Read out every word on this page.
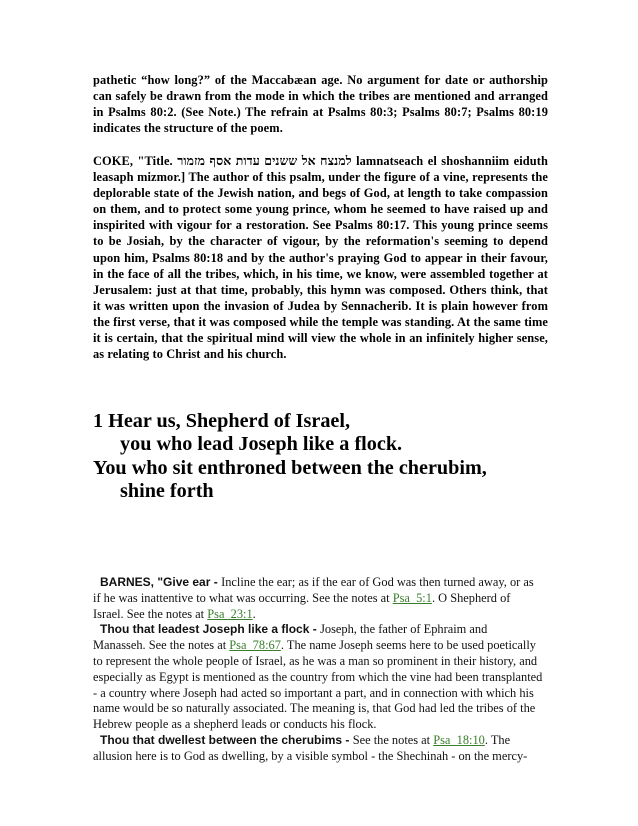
pathetic “how long?” of the Maccabæan age. No argument for date or authorship can safely be drawn from the mode in which the tribes are mentioned and arranged in Psalms 80:2. (See Note.) The refrain at Psalms 80:3; Psalms 80:7; Psalms 80:19 indicates the structure of the poem.
COKE, "Title. למנצח אל ששנים עדות אסף מזמור lamnatseach el shoshanniim eiduth leasaph mizmor.] The author of this psalm, under the figure of a vine, represents the deplorable state of the Jewish nation, and begs of God, at length to take compassion on them, and to protect some young prince, whom he seemed to have raised up and inspirited with vigour for a restoration. See Psalms 80:17. This young prince seems to be Josiah, by the character of vigour, by the reformation's seeming to depend upon him, Psalms 80:18 and by the author's praying God to appear in their favour, in the face of all the tribes, which, in his time, we know, were assembled together at Jerusalem: just at that time, probably, this hymn was composed. Others think, that it was written upon the invasion of Judea by Sennacherib. It is plain however from the first verse, that it was composed while the temple was standing. At the same time it is certain, that the spiritual mind will view the whole in an infinitely higher sense, as relating to Christ and his church.
1 Hear us, Shepherd of Israel,
you who lead Joseph like a flock.
You who sit enthroned between the cherubim,
shine forth

BARNES, "Give ear - Incline the ear; as if the ear of God was then turned away, or as if he was inattentive to what was occurring. See the notes at Psa_5:1. O Shepherd of Israel. See the notes at Psa_23:1.

Thou that leadest Joseph like a flock - Joseph, the father of Ephraim and Manasseh. See the notes at Psa_78:67. The name Joseph seems here to be used poetically to represent the whole people of Israel, as he was a man so prominent in their history, and especially as Egypt is mentioned as the country from which the vine had been transplanted - a country where Joseph had acted so important a part, and in connection with which his name would be so naturally associated. The meaning is, that God had led the tribes of the Hebrew people as a shepherd leads or conducts his flock.

Thou that dwellest between the cherubims - See the notes at Psa_18:10. The allusion here is to God as dwelling, by a visible symbol - the Shechinah - on the mercy-
